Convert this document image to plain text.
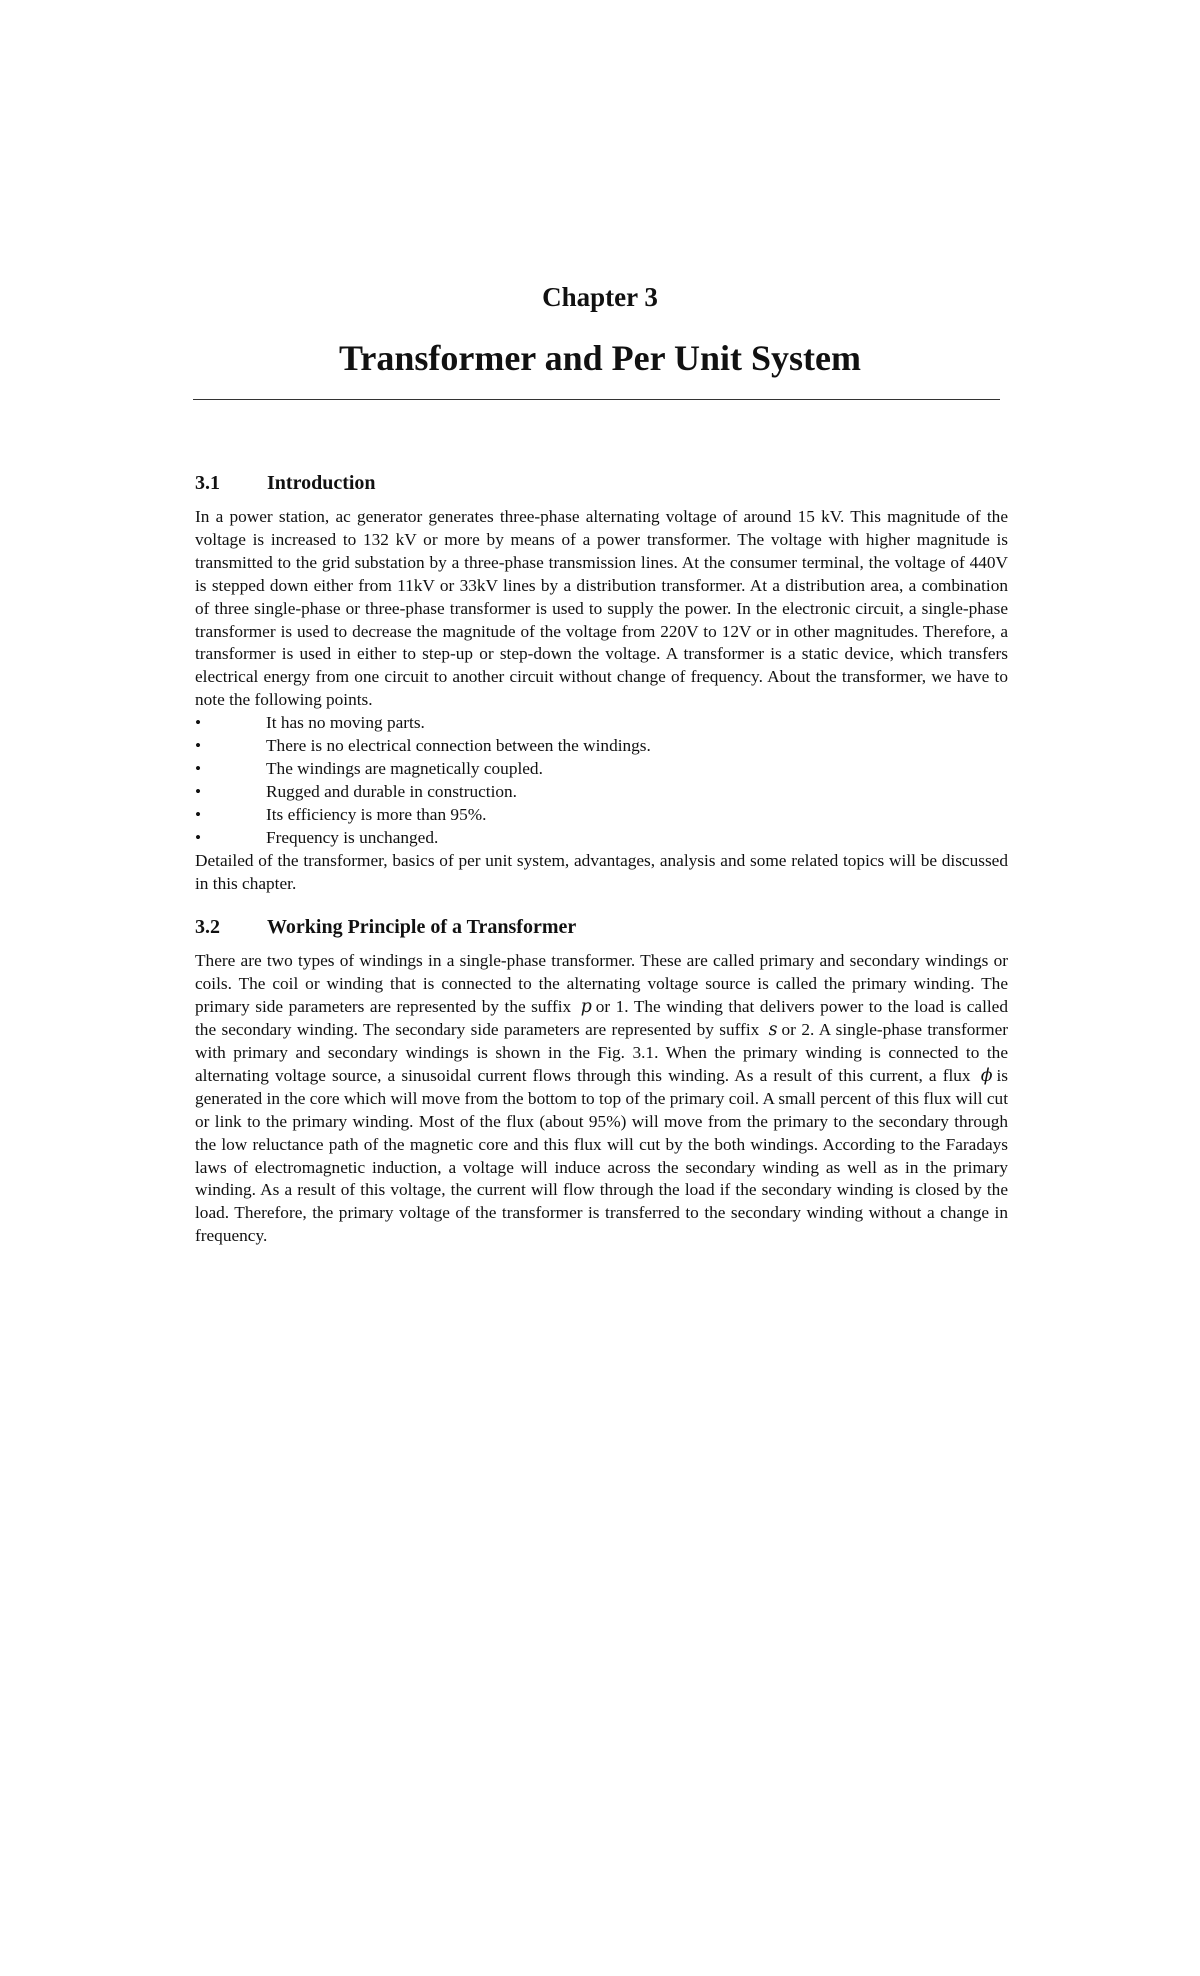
Chapter 3
Transformer and Per Unit System
3.1 Introduction

In a power station, ac generator generates three-phase alternating voltage of around 15 kV. This magnitude of the voltage is increased to 132 kV or more by means of a power transformer. The voltage with higher magnitude is transmitted to the grid substation by a three-phase transmission lines. At the consumer terminal, the voltage of 440V is stepped down either from 11kV or 33kV lines by a distribution transformer. At a distribution area, a combination of three single-phase or three-phase transformer is used to supply the power. In the electronic circuit, a single-phase transformer is used to decrease the magnitude of the voltage from 220V to 12V or in other magnitudes. Therefore, a transformer is used in either to step-up or step-down the voltage. A transformer is a static device, which transfers electrical energy from one circuit to another circuit without change of frequency. About the transformer, we have to note the following points.

•	It has no moving parts.
•	There is no electrical connection between the windings.
•	The windings are magnetically coupled.
•	Rugged and durable in construction.
•	Its efficiency is more than 95%.
•	Frequency is unchanged.

Detailed of the transformer, basics of per unit system, advantages, analysis and some related topics will be discussed in this chapter.

3.2 Working Principle of a Transformer

There are two types of windings in a single-phase transformer. These are called primary and secondary windings or coils. The coil or winding that is connected to the alternating voltage source is called the primary winding. The primary side parameters are represented by the suffix p or 1. The winding that delivers power to the load is called the secondary winding. The secondary side parameters are represented by suffix s or 2. A single-phase transformer with primary and secondary windings is shown in the Fig. 3.1. When the primary winding is connected to the alternating voltage source, a sinusoidal current flows through this winding. As a result of this current, a flux ϕ is generated in the core which will move from the bottom to top of the primary coil. A small percent of this flux will cut or link to the primary winding. Most of the flux (about 95%) will move from the primary to the secondary through the low reluctance path of the magnetic core and this flux will cut by the both windings. According to the Faradays laws of electromagnetic induction, a voltage will induce across the secondary winding as well as in the primary winding. As a result of this voltage, the current will flow through the load if the secondary winding is closed by the load. Therefore, the primary voltage of the transformer is transferred to the secondary winding without a change in frequency.
